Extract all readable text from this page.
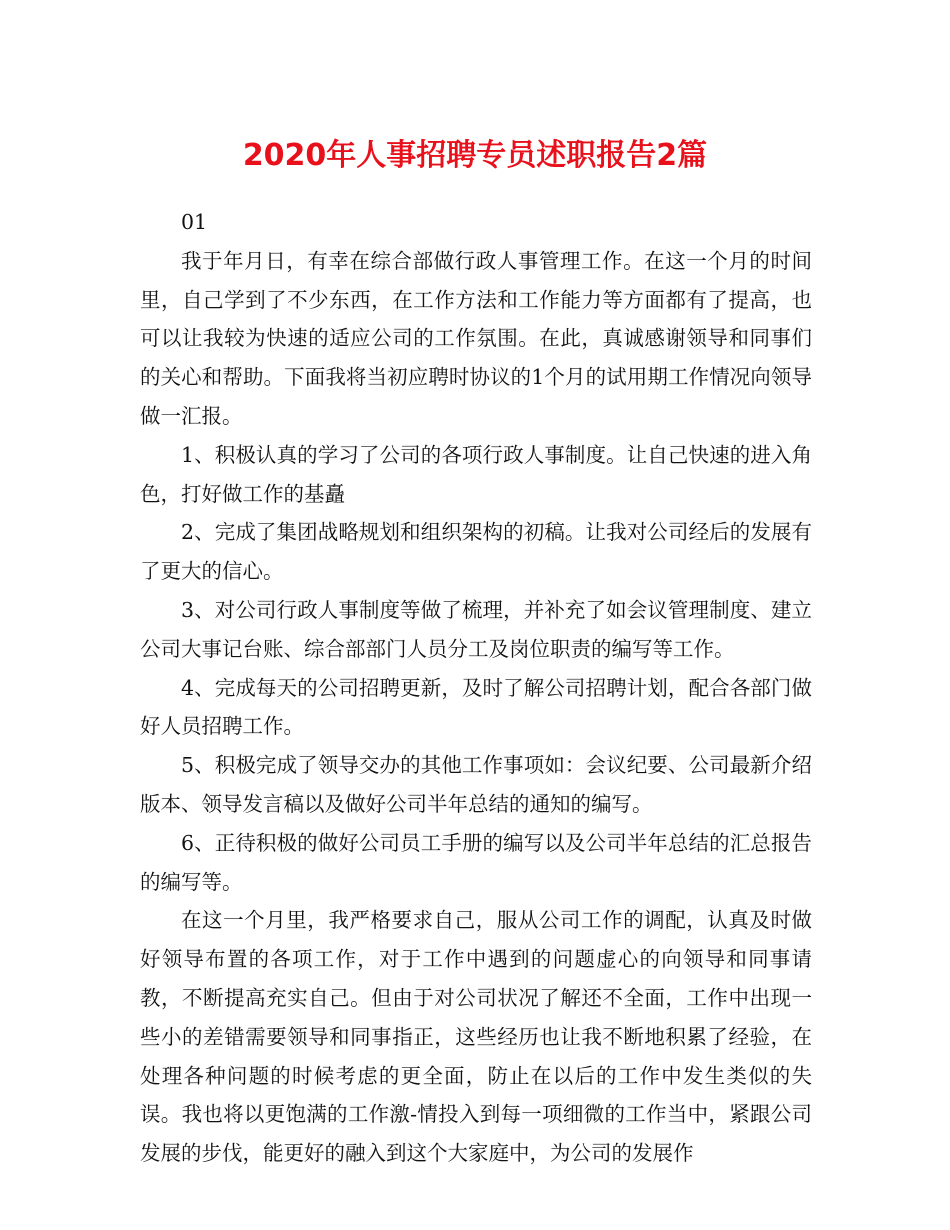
2020年人事招聘专员述职报告2篇

01

我于年月日，有幸在综合部做行政人事管理工作。在这一个月的时间里，自己学到了不少东西，在工作方法和工作能力等方面都有了提高，也可以让我较为快速的适应公司的工作氛围。在此，真诚感谢领导和同事们的关心和帮助。下面我将当初应聘时协议的1个月的试用期工作情况向领导做一汇报。

1、积极认真的学习了公司的各项行政人事制度。让自己快速的进入角色，打好做工作的基矗

2、完成了集团战略规划和组织架构的初稿。让我对公司经后的发展有了更大的信心。

3、对公司行政人事制度等做了梳理，并补充了如会议管理制度、建立公司大事记台账、综合部部门人员分工及岗位职责的编写等工作。

4、完成每天的公司招聘更新，及时了解公司招聘计划，配合各部门做好人员招聘工作。

5、积极完成了领导交办的其他工作事项如：会议纪要、公司最新介绍版本、领导发言稿以及做好公司半年总结的通知的编写。

6、正待积极的做好公司员工手册的编写以及公司半年总结的汇总报告的编写等。

在这一个月里，我严格要求自己，服从公司工作的调配，认真及时做好领导布置的各项工作，对于工作中遇到的问题虚心的向领导和同事请教，不断提高充实自己。但由于对公司状况了解还不全面，工作中出现一些小的差错需要领导和同事指正，这些经历也让我不断地积累了经验，在处理各种问题的时候考虑的更全面，防止在以后的工作中发生类似的失误。我也将以更饱满的工作激-情投入到每一项细微的工作当中，紧跟公司发展的步伐，能更好的融入到这个大家庭中，为公司的发展作
